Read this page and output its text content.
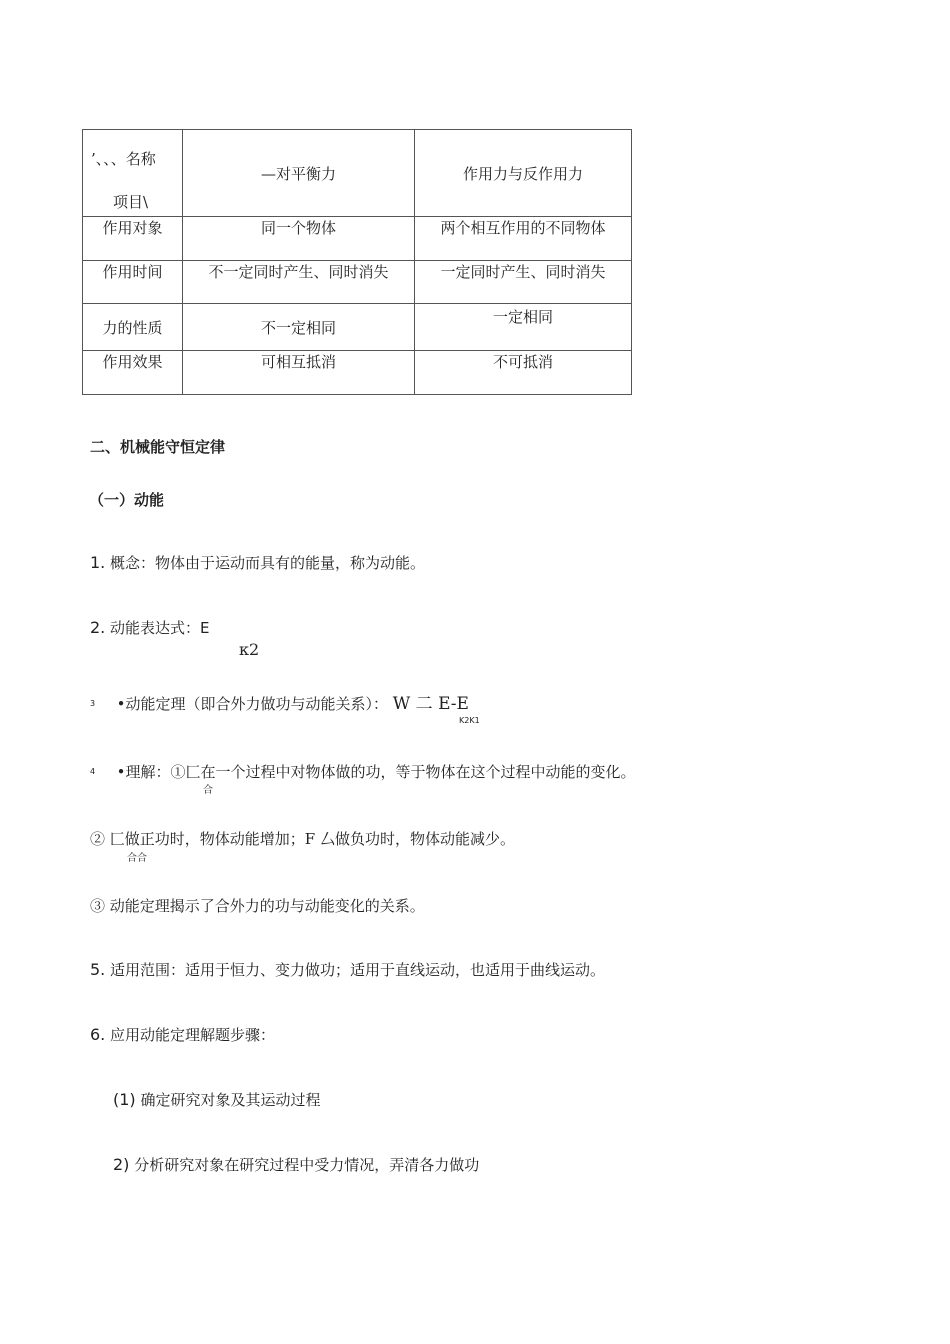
’、、、名称
项目\	—对平衡力	作用力与反作用力
作用对象	同一个物体	两个相互作用的不同物体
作用时间	不一定同时产生、同时消失	一定同时产生、同时消失
力的性质	不一定相同	一定相同
作用效果	可相互抵消	不可抵消
二、机械能守恒定律
（一）动能
1. 概念：物体由于运动而具有的能量，称为动能。
2. 动能表达式：E
κ2
$^3$ •动能定理（即合外力做功与动能关系）： W 二 E-E
K2K1
$^4$ •理解：①匚在一个过程中对物体做的功，等于物体在这个过程中动能的变化。
合
② 匚做正功时，物体动能增加；F 厶做负功时，物体动能减少。
合合
③ 动能定理揭示了合外力的功与动能变化的关系。
5. 适用范围：适用于恒力、变力做功；适用于直线运动，也适用于曲线运动。
6. 应用动能定理解题步骤：
(1) 确定研究对象及其运动过程
2) 分析研究对象在研究过程中受力情况，弄清各力做功
